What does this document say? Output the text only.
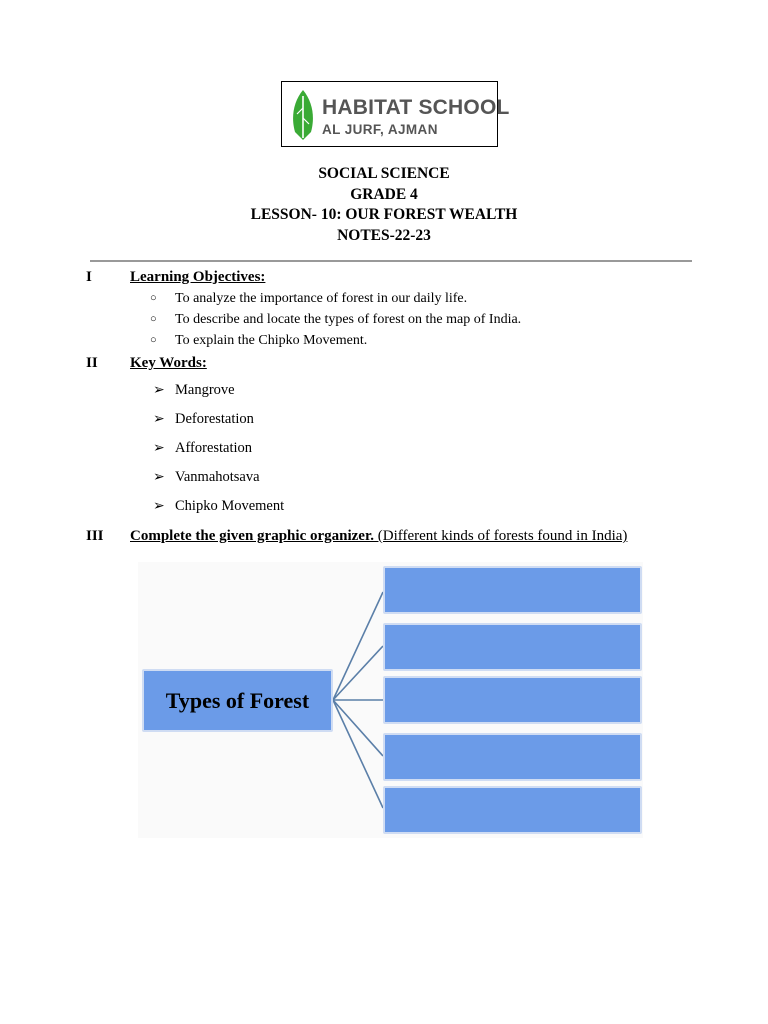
HABITAT SCHOOL
AL JURF, AJMAN
SOCIAL SCIENCE
GRADE 4
LESSON- 10: OUR FOREST WEALTH
NOTES-22-23
I	Learning Objectives:
○ To analyze the importance of forest in our daily life.
○ To describe and locate the types of forest on the map of India.
○ To explain the Chipko Movement.
II Key Words:
➢ Mangrove
➢ Deforestation
➢ Afforestation
➢ Vanmahotsava
➢ Chipko Movement
III Complete the given graphic organizer. (Different kinds of forests found in India)
Types of Forest
